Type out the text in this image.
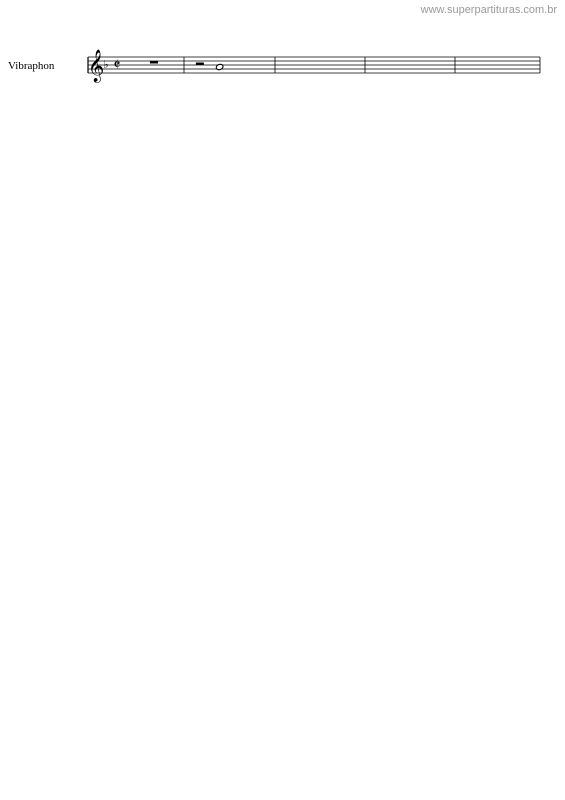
www.superpartituras.com.br
Vibraphon 𝄞 ♭ 𝄵
